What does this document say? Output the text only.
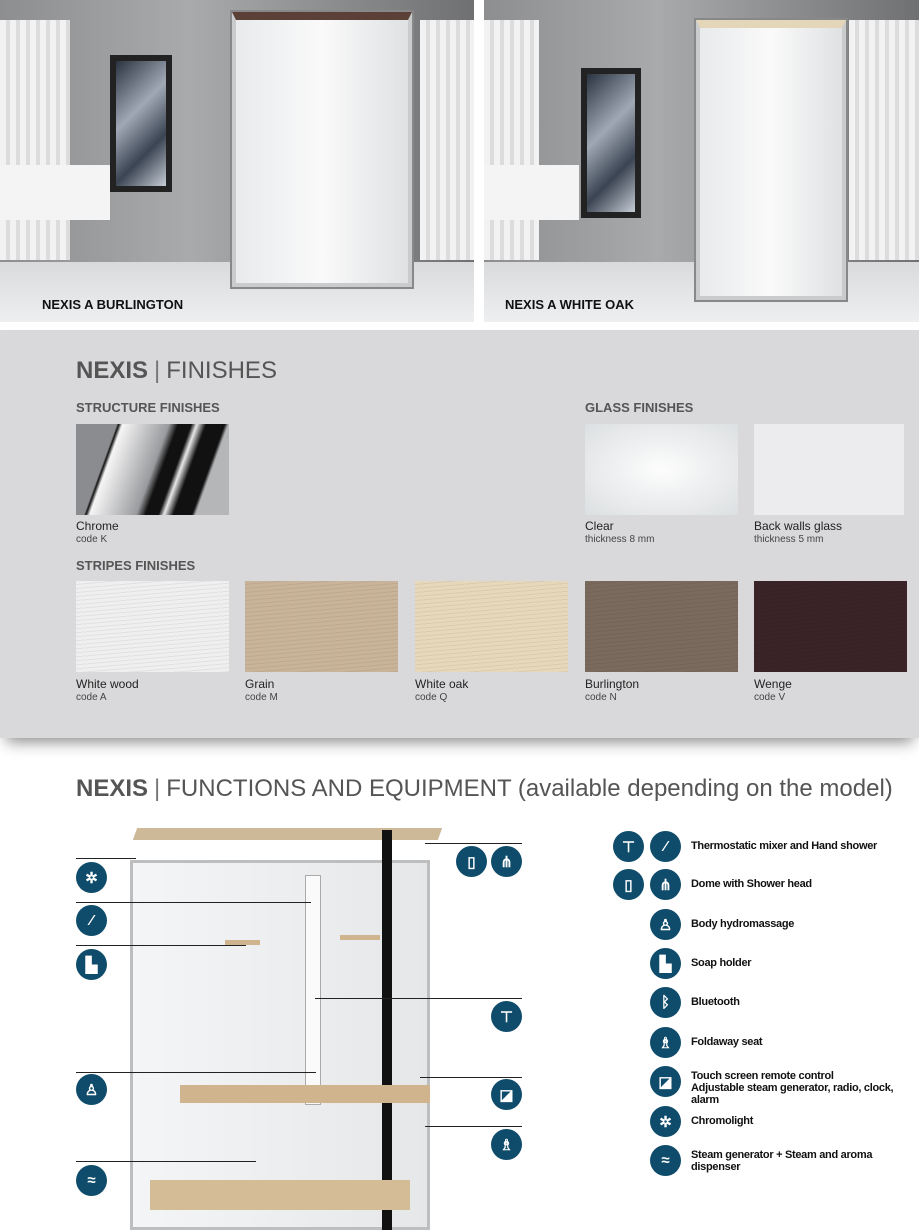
NEXIS A BURLINGTON	NEXIS A WHITE OAK
NEXIS | FINISHES
STRUCTURE FINISHES
Chrome
code K
GLASS FINISHES
Clear
thickness 8 mm
Back walls glass
thickness 5 mm
STRIPES FINISHES
White wood
code A
Grain
code M
White oak
code Q
Burlington
code N
Wenge
code V
NEXIS | FUNCTIONS AND EQUIPMENT (available depending on the model)
✲
⁄
▙
♙
≈
▯	⋔
⊤
◪
♗
⊤	⁄	Thermostatic mixer and Hand shower
▯	⋔	Dome with Shower head
♙	Body hydromassage
▙	Soap holder
ᛒ	Bluetooth
♗	Foldaway seat
◪	Touch screen remote control
Adjustable steam generator, radio, clock, alarm
✲	Chromolight
≈	Steam generator + Steam and aroma
dispenser
